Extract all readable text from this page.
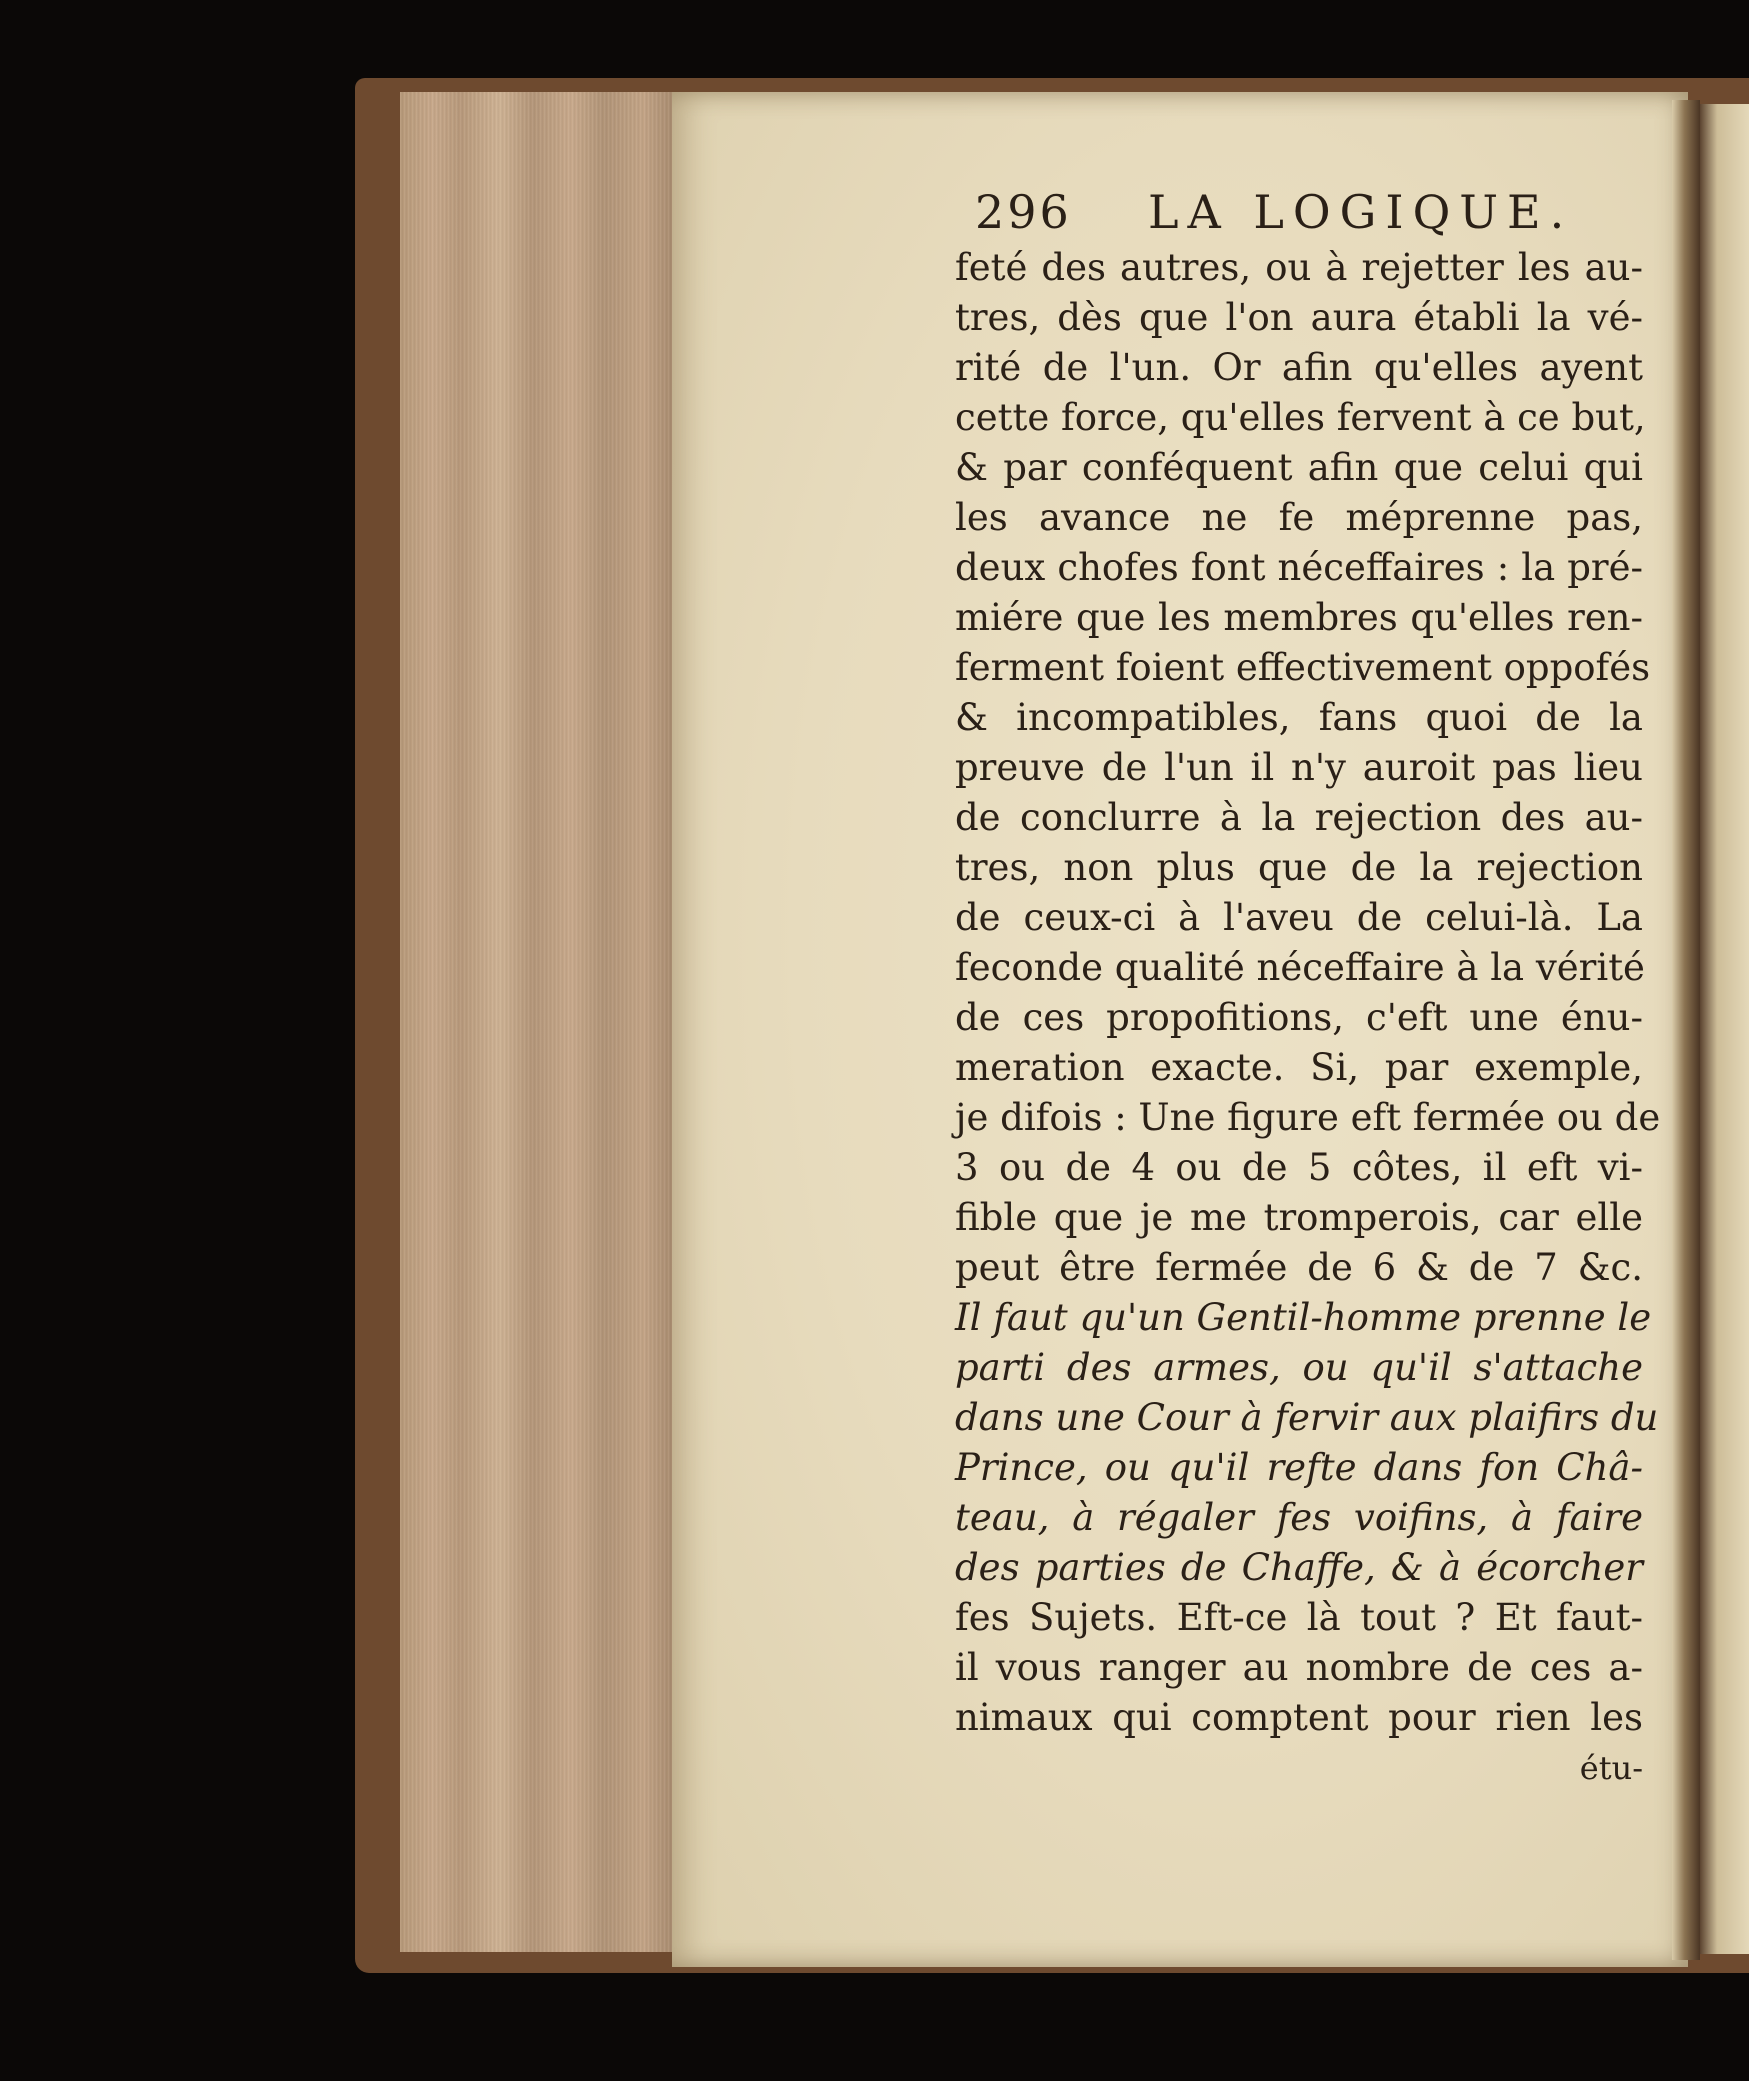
296 LA LOGIQUE.
feté des autres, ou à rejetter les au-
tres, dès que l'on aura établi la vé-
rité de l'un. Or afin qu'elles ayent
cette force, qu'elles fervent à ce but,
& par conféquent afin que celui qui
les avance ne fe méprenne pas,
deux chofes font néceffaires : la pré-
miére que les membres qu'elles ren-
ferment foient effectivement oppofés
& incompatibles, fans quoi de la
preuve de l'un il n'y auroit pas lieu
de conclurre à la rejection des au-
tres, non plus que de la rejection
de ceux-ci à l'aveu de celui-là. La
feconde qualité néceffaire à la vérité
de ces propofitions, c'eft une énu-
meration exacte. Si, par exemple,
je difois : Une figure eft fermée ou de
3 ou de 4 ou de 5 côtes, il eft vi-
fible que je me tromperois, car elle
peut être fermée de 6 & de 7 &c.
Il faut qu'un Gentil-homme prenne le
parti des armes, ou qu'il s'attache
dans une Cour à fervir aux plaifirs du
Prince, ou qu'il refte dans fon Châ-
teau, à régaler fes voifins, à faire
des parties de Chaffe, & à écorcher
fes Sujets. Eft-ce là tout ? Et faut-
il vous ranger au nombre de ces a-
nimaux qui comptent pour rien les
étu-
